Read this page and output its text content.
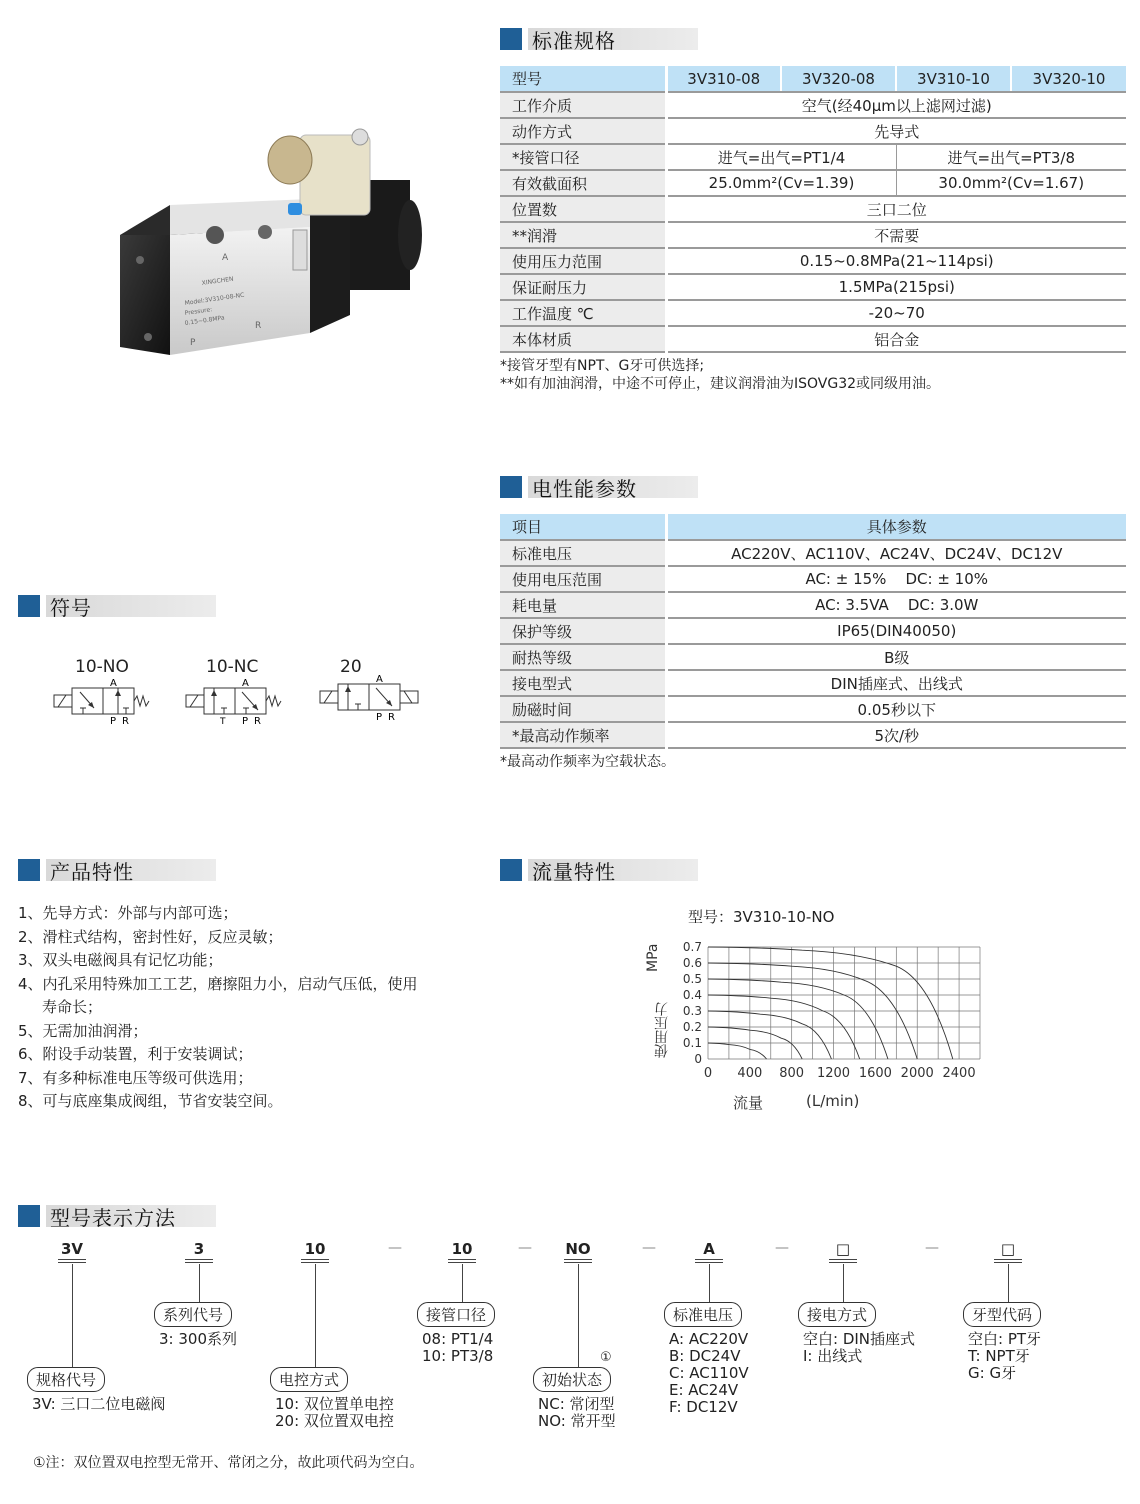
A
XINGCHEN
Model:3V310-08-NC
Pressure:
0.15~0.8MPa
P
R
标准规格
电性能参数
符号
产品特性	流量特性
型号表示方法
型号	3V310-08	3V320-08	3V310-10	3V320-10
工作介质	空气(经40μm以上滤网过滤)			
动作方式	先导式			
*接管口径	进气=出气=PT1/4		进气=出气=PT3/8	
有效截面积	25.0mm²(Cv=1.39)		30.0mm²(Cv=1.67)	
位置数	三口二位			
**润滑	不需要			
使用压力范围	0.15~0.8MPa(21~114psi)			
保证耐压力	1.5MPa(215psi)			
工作温度 ℃	-20~70			
本体材质	铝合金			
*接管牙型有NPT、G牙可供选择;
**如有加油润滑，中途不可停止，建议润滑油为ISOVG32或同级用油。
项目	具体参数
标准电压	AC220V、AC110V、AC24V、DC24V、DC12V
使用电压范围	AC: ± 15%    DC: ± 10%
耗电量	AC: 3.5VA    DC: 3.0W
保护等级	IP65(DIN40050)
耐热等级	B级
接电型式	DIN插座式、出线式
励磁时间	0.05秒以下
*最高动作频率	5次/秒
*最高动作频率为空载状态。
10-NO	10-NC	20
A
P R	T
A
P R
A
P R
1、先导方式：外部与内部可选；
2、滑柱式结构，密封性好，反应灵敏；
3、双头电磁阀具有记忆功能；
4、内孔采用特殊加工工艺，磨擦阻力小，启动气压低，使用
寿命长；
5、无需加油润滑；
6、附设手动装置，利于安装调试；
7、有多种标准电压等级可供选用；
8、可与底座集成阀组，节省安装空间。
型号：3V310-10-NO
MPa
使用压力
流量	(L/min)
0 400 800 1200 1600 2000 2400
0
0.1
0.2
0.3
0.4
0.5
0.6
0.7
3V
规格代号
3V: 三口二位电磁阀
3
系列代号
3: 300系列
10
电控方式
10: 双位置单电控
20: 双位置双电控
10
接管口径
08: PT1/4
10: PT3/8
NO
初始状态
①
NC: 常闭型
NO: 常开型
A
标准电压
A: AC220V
B: DC24V
C: AC110V
E: AC24V
F: DC12V
□
接电方式
空白: DIN插座式
I: 出线式
□
牙型代码
空白: PT牙
T: NPT牙
G: G牙
—	—	—	—	—
①注：双位置双电控型无常开、常闭之分，故此项代码为空白。
